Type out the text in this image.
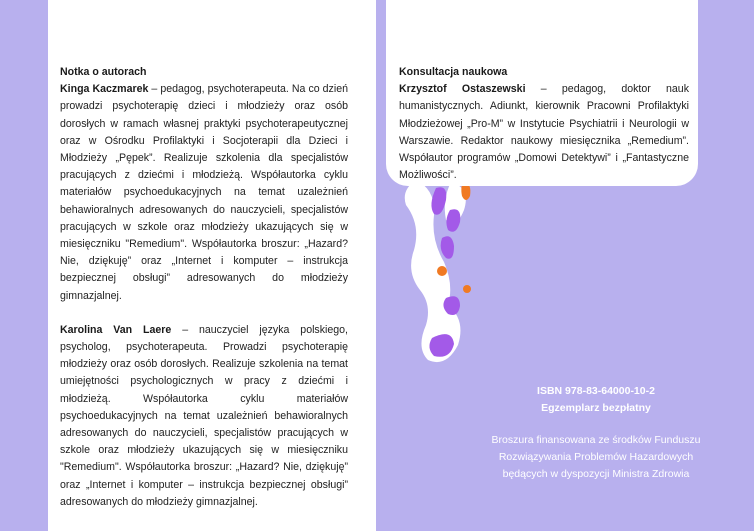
Notka o autorach

Kinga Kaczmarek – pedagog, psychoterapeuta. Na co dzień prowadzi psychoterapię dzieci i młodzieży oraz osób dorosłych w ramach własnej praktyki psychoterapeutycznej oraz w Ośrodku Profilaktyki i Socjoterapii dla Dzieci i Młodzieży „Pępek”. Realizuje szkolenia dla specjalistów pracujących z dziećmi i młodzieżą. Współautorka cyklu materiałów psychoedukacyjnych na temat uzależnień behawioralnych adresowanych do nauczycieli, specjalistów pracujących w szkole oraz młodzieży ukazujących się w miesięczniku "Remedium". Współautorka broszur: „Hazard? Nie, dziękuję” oraz „Internet i komputer – instrukcja bezpiecznej obsługi” adresowanych do młodzieży gimnazjalnej.

Karolina Van Laere – nauczyciel języka polskiego, psycholog, psychoterapeuta. Prowadzi psychoterapię młodzieży oraz osób dorosłych. Realizuje szkolenia na temat umiejętności psychologicznych w pracy z dziećmi i młodzieżą. Współautorka cyklu materiałów psychoedukacyjnych na temat uzależnień behawioralnych adresowanych do nauczycieli, specjalistów pracujących w szkole oraz młodzieży ukazujących się w miesięczniku "Remedium". Współautorka broszur: „Hazard? Nie, dziękuję” oraz „Internet i komputer – instrukcja bezpiecznej obsługi” adresowanych do młodzieży gimnazjalnej.

Konsultacja naukowa

Krzysztof Ostaszewski – pedagog, doktor nauk humanistycznych. Adiunkt, kierownik Pracowni Profilaktyki Młodzieżowej „Pro-M” w Instytucie Psychiatrii i Neurologii w Warszawie. Redaktor naukowy miesięcznika „Remedium”. Współautor programów „Domowi Detektywi” i „Fantastyczne Możliwości”.

ISBN 978-83-64000-10-2
Egzemplarz bezpłatny
Broszura finansowana ze środków Funduszu
Rozwiązywania Problemów Hazardowych
będących w dyspozycji Ministra Zdrowia
